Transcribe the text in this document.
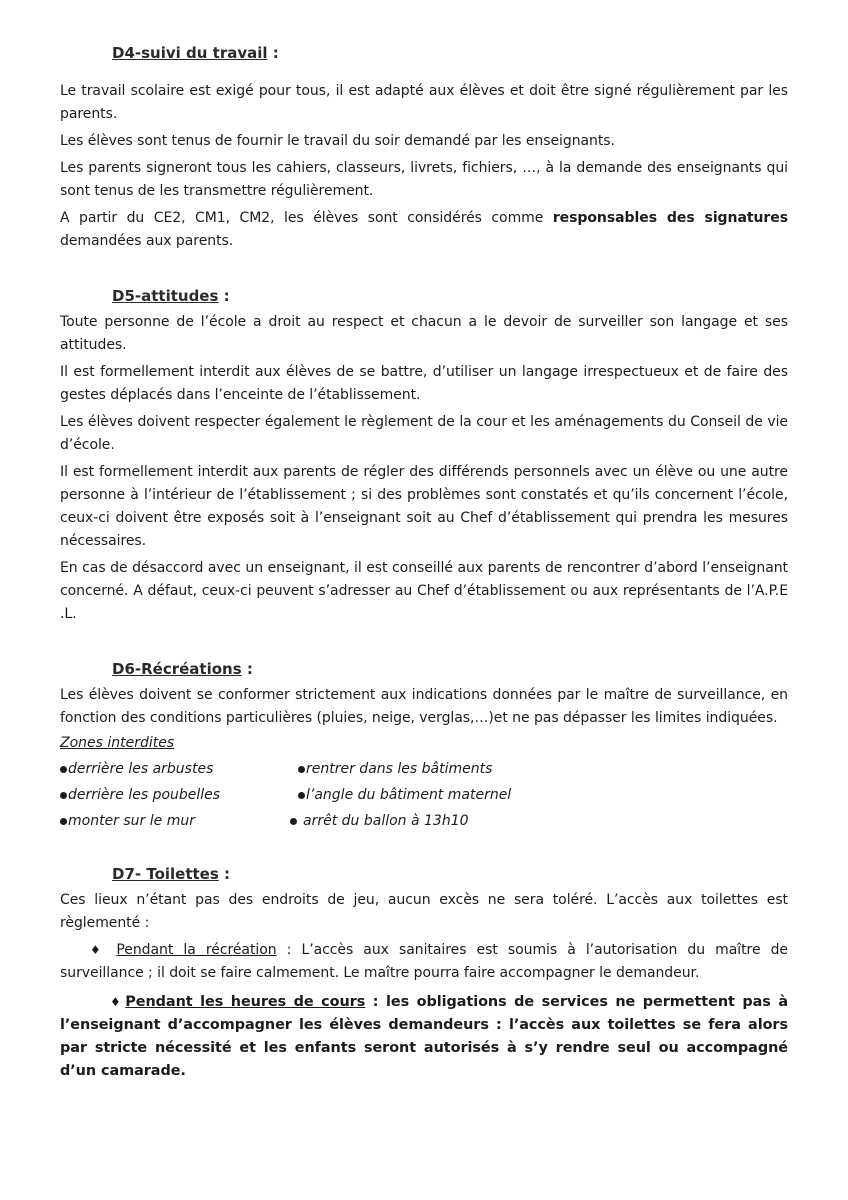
D4-suivi du travail :

Le travail scolaire est exigé pour tous, il est adapté aux élèves et doit être signé régulièrement par les parents.

Les élèves sont tenus de fournir le travail du soir demandé par les enseignants.

Les parents signeront tous les cahiers, classeurs, livrets, fichiers, …, à la demande des enseignants qui sont tenus de les transmettre régulièrement.

A partir du CE2, CM1, CM2, les élèves sont considérés comme responsables des signatures demandées aux parents.

D5-attitudes :

Toute personne de l’école a droit au respect et chacun a le devoir de surveiller son langage et ses attitudes.

Il est formellement interdit aux élèves de se battre, d’utiliser un langage irrespectueux et de faire des gestes déplacés dans l’enceinte de l’établissement.

Les élèves doivent respecter également le règlement de la cour et les aménagements du Conseil de vie d’école.

Il est formellement interdit aux parents de régler des différends personnels avec un élève ou une autre personne à l’intérieur de l’établissement ; si des problèmes sont constatés et qu’ils concernent l’école, ceux-ci doivent être exposés soit à l’enseignant soit au Chef d’établissement qui prendra les mesures nécessaires.

En cas de désaccord avec un enseignant, il est conseillé aux parents de rencontrer d’abord l’enseignant concerné. A défaut, ceux-ci peuvent s’adresser au Chef d’établissement ou aux représentants de l’A.P.E .L.

D6-Récréations :

Les élèves doivent se conformer strictement aux indications données par le maître de surveillance, en fonction des conditions particulières (pluies, neige, verglas,…)et ne pas dépasser les limites indiquées.

Zones interdites
derrière les arbustes	rentrer dans les bâtiments
derrière les poubelles	l’angle du bâtiment maternel
monter sur le mur	arrêt du ballon à 13h10
D7- Toilettes :

Ces lieux n’étant pas des endroits de jeu, aucun excès ne sera toléré. L’accès aux toilettes est règlementé :

♦ Pendant la récréation : L’accès aux sanitaires est soumis à l’autorisation du maître de surveillance ; il doit se faire calmement. Le maître pourra faire accompagner le demandeur.

♦ Pendant les heures de cours : les obligations de services ne permettent pas à l’enseignant d’accompagner les élèves demandeurs : l’accès aux toilettes se fera alors par stricte nécessité et les enfants seront autorisés à s’y rendre seul ou accompagné d’un camarade.
